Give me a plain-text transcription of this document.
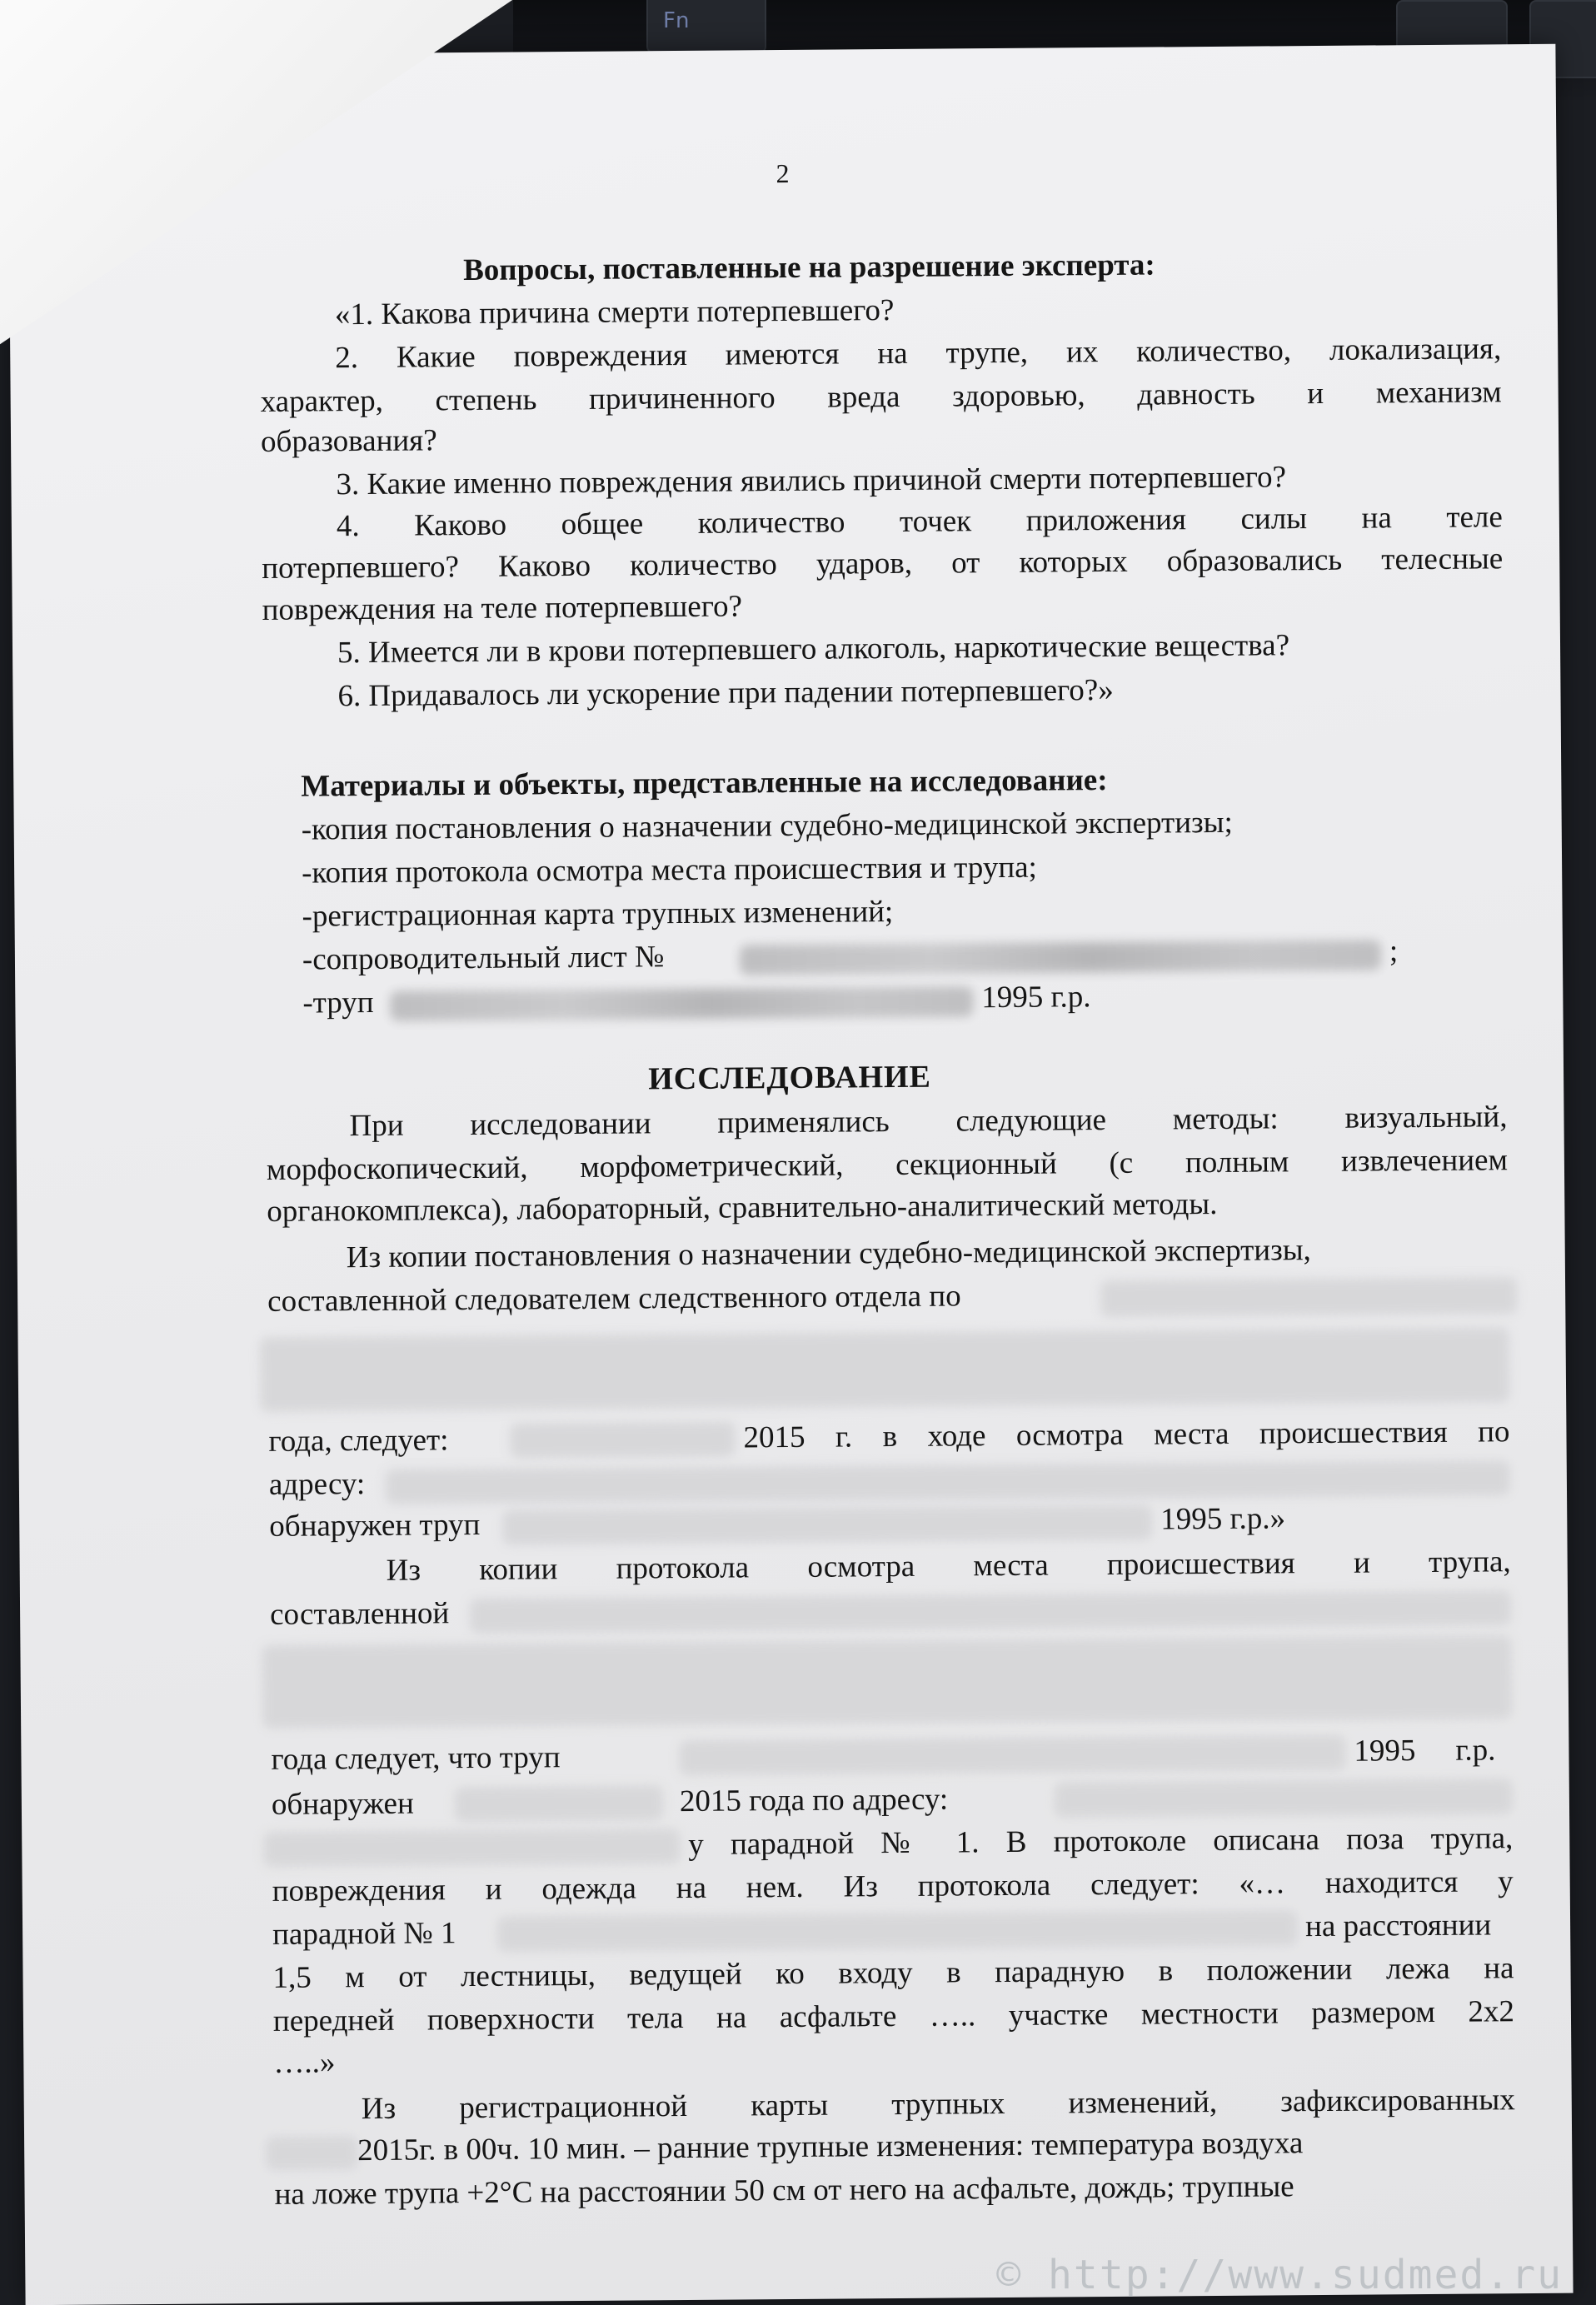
Fn
2
Вопросы, поставленные на разрешение эксперта:
«1. Какова причина смерти потерпевшего?
2. Какие повреждения имеются на трупе, их количество, локализация,
характер, степень причиненного вреда здоровью, давность и механизм
образования?
3. Какие именно повреждения явились причиной смерти потерпевшего?
4. Каково общее количество точек приложения силы на теле
потерпевшего? Каково количество ударов, от которых образовались телесные
повреждения на теле потерпевшего?
5. Имеется ли в крови потерпевшего алкоголь, наркотические вещества?
6. Придавалось ли ускорение при падении потерпевшего?»
Материалы и объекты, представленные на исследование:
-копия постановления о назначении судебно-медицинской экспертизы;
-копия протокола осмотра места происшествия и трупа;
-регистрационная карта трупных изменений;
-сопроводительный лист №	;
-труп	1995 г.р.
ИССЛЕДОВАНИЕ
При исследовании применялись следующие методы: визуальный,
морфоскопический, морфометрический, секционный (с полным извлечением
органокомплекса), лабораторный, сравнительно-аналитический методы.
Из копии постановления о назначении судебно-медицинской экспертизы,
составленной следователем следственного отдела по
года, следует:	2015 г. в ходе осмотра места происшествия по
адресу:
обнаружен труп	1995 г.р.»
Из копии протокола осмотра места происшествия и трупа,
составленной
года следует, что труп	1995 г.р.
обнаружен	2015 года по адресу:
у парадной № 1. В протоколе описана поза трупа,
повреждения и одежда на нем. Из протокола следует: «… находится у
парадной № 1	на расстоянии
1,5 м от лестницы, ведущей ко входу в парадную в положении лежа на
передней поверхности тела на асфальте ….. участке местности размером 2х2
…..»
Из регистрационной карты трупных изменений, зафиксированных
2015г. в 00ч. 10 мин. – ранние трупные изменения: температура воздуха
на ложе трупа +2°С на расстоянии 50 см от него на асфальте, дождь; трупные
© http://www.sudmed.ru
